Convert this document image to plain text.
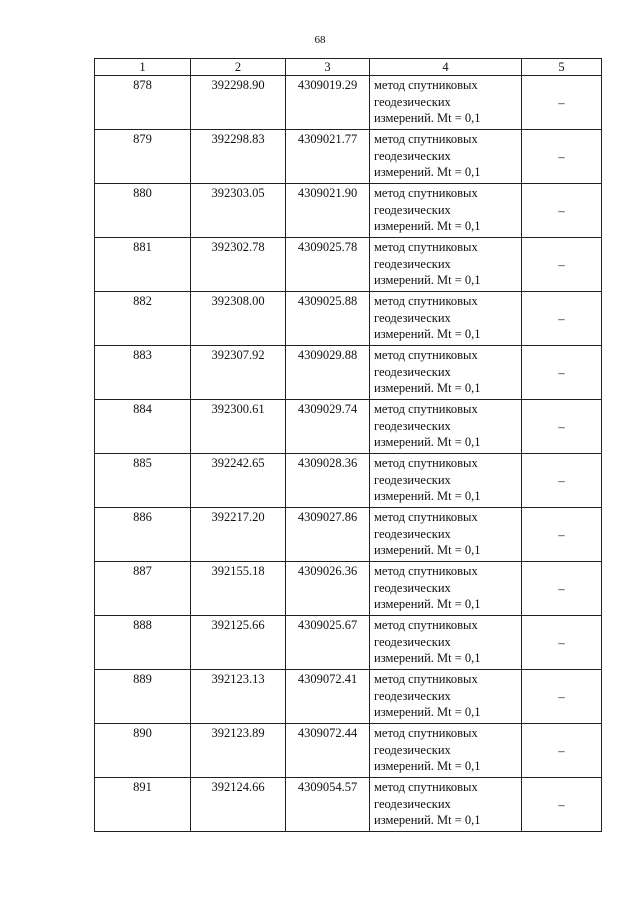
68
1	2	3	4	5
878	392298.90	4309019.29	метод спутниковых
геодезических
измерений. Mt = 0,1	–
879	392298.83	4309021.77	метод спутниковых
геодезических
измерений. Mt = 0,1	–
880	392303.05	4309021.90	метод спутниковых
геодезических
измерений. Mt = 0,1	–
881	392302.78	4309025.78	метод спутниковых
геодезических
измерений. Mt = 0,1	–
882	392308.00	4309025.88	метод спутниковых
геодезических
измерений. Mt = 0,1	–
883	392307.92	4309029.88	метод спутниковых
геодезических
измерений. Mt = 0,1	–
884	392300.61	4309029.74	метод спутниковых
геодезических
измерений. Mt = 0,1	–
885	392242.65	4309028.36	метод спутниковых
геодезических
измерений. Mt = 0,1	–
886	392217.20	4309027.86	метод спутниковых
геодезических
измерений. Mt = 0,1	–
887	392155.18	4309026.36	метод спутниковых
геодезических
измерений. Mt = 0,1	–
888	392125.66	4309025.67	метод спутниковых
геодезических
измерений. Mt = 0,1	–
889	392123.13	4309072.41	метод спутниковых
геодезических
измерений. Mt = 0,1	–
890	392123.89	4309072.44	метод спутниковых
геодезических
измерений. Mt = 0,1	–
891	392124.66	4309054.57	метод спутниковых
геодезических
измерений. Mt = 0,1	–
